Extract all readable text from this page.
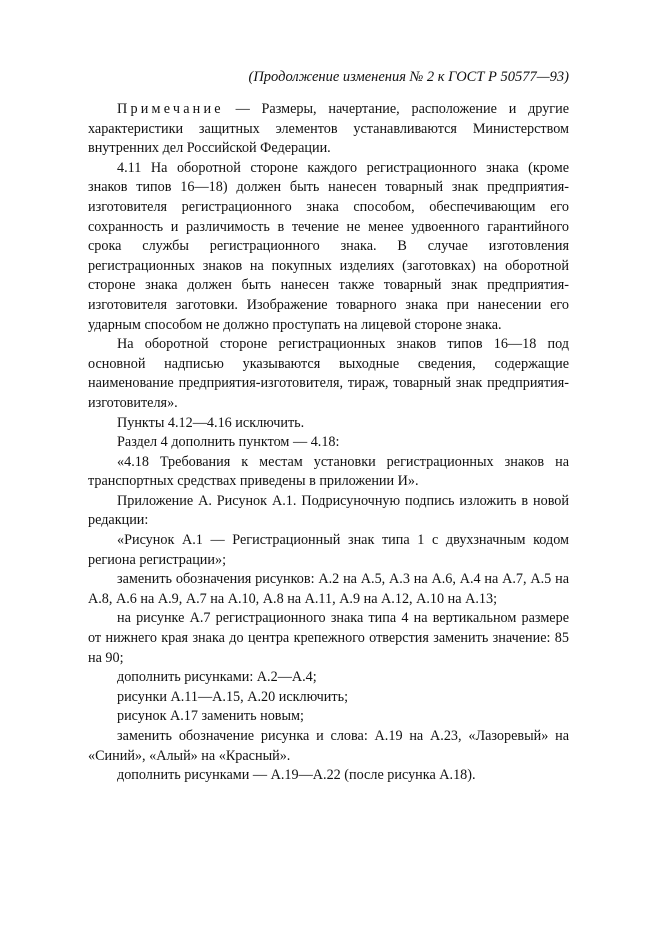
(Продолжение изменения № 2 к ГОСТ Р 50577—93)

Примечание — Размеры, начертание, расположение и другие характеристики защитных элементов устанавливаются Министерством внутренних дел Российской Федерации.

4.11 На оборотной стороне каждого регистрационного знака (кроме знаков типов 16—18) должен быть нанесен товарный знак предприятия-изготовителя регистрационного знака способом, обеспечивающим его сохранность и различимость в течение не менее удвоенного гарантийного срока службы регистрационного знака. В случае изготовления регистрационных знаков на покупных изделиях (заготовках) на оборотной стороне знака должен быть нанесен также товарный знак предприятия-изготовителя заготовки. Изображение товарного знака при нанесении его ударным способом не должно проступать на лицевой стороне знака.

На оборотной стороне регистрационных знаков типов 16—18 под основной надписью указываются выходные сведения, содержащие наименование предприятия-изготовителя, тираж, товарный знак предприятия-изготовителя».

Пункты 4.12—4.16 исключить.

Раздел 4 дополнить пунктом — 4.18:

«4.18 Требования к местам установки регистрационных знаков на транспортных средствах приведены в приложении И».

Приложение А. Рисунок А.1. Подрисуночную подпись изложить в новой редакции:

«Рисунок А.1 — Регистрационный знак типа 1 с двухзначным кодом региона регистрации»;

заменить обозначения рисунков: А.2 на А.5, А.3 на А.6, А.4 на А.7, А.5 на А.8, А.6 на А.9, А.7 на А.10, А.8 на А.11, А.9 на А.12, А.10 на А.13;

на рисунке А.7 регистрационного знака типа 4 на вертикальном размере от нижнего края знака до центра крепежного отверстия заменить значение: 85 на 90;

дополнить рисунками: А.2—А.4;

рисунки А.11—А.15, А.20 исключить;

рисунок А.17 заменить новым;

заменить обозначение рисунка и слова: А.19 на А.23, «Лазоревый» на «Синий», «Алый» на «Красный».

дополнить рисунками — А.19—А.22 (после рисунка А.18).
